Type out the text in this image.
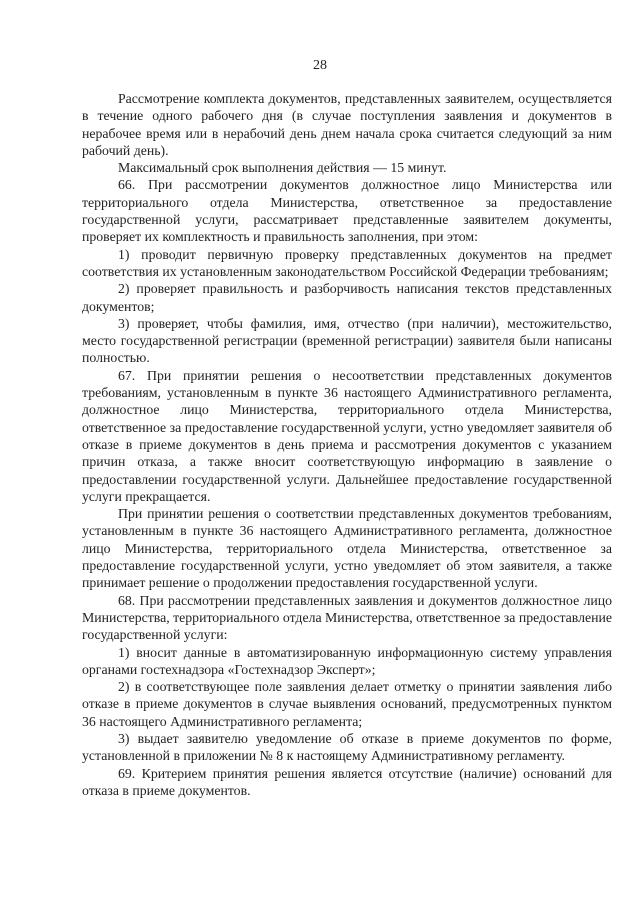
28

Рассмотрение комплекта документов, представленных заявителем, осуществляется в течение одного рабочего дня (в случае поступления заявления и документов в нерабочее время или в нерабочий день днем начала срока считается следующий за ним рабочий день).

Максимальный срок выполнения действия — 15 минут.

66. При рассмотрении документов должностное лицо Министерства или территориального отдела Министерства, ответственное за предоставление государственной услуги, рассматривает представленные заявителем документы, проверяет их комплектность и правильность заполнения, при этом:

1) проводит первичную проверку представленных документов на предмет соответствия их установленным законодательством Российской Федерации требованиям;

2) проверяет правильность и разборчивость написания текстов представленных документов;

3) проверяет, чтобы фамилия, имя, отчество (при наличии), местожительство, место государственной регистрации (временной регистрации) заявителя были написаны полностью.

67. При принятии решения о несоответствии представленных документов требованиям, установленным в пункте 36 настоящего Административного регламента, должностное лицо Министерства, территориального отдела Министерства, ответственное за предоставление государственной услуги, устно уведомляет заявителя об отказе в приеме документов в день приема и рассмотрения документов с указанием причин отказа, а также вносит соответствующую информацию в заявление о предоставлении государственной услуги. Дальнейшее предоставление государственной услуги прекращается.

При принятии решения о соответствии представленных документов требованиям, установленным в пункте 36 настоящего Административного регламента, должностное лицо Министерства, территориального отдела Министерства, ответственное за предоставление государственной услуги, устно уведомляет об этом заявителя, а также принимает решение о продолжении предоставления государственной услуги.

68. При рассмотрении представленных заявления и документов должностное лицо Министерства, территориального отдела Министерства, ответственное за предоставление государственной услуги:

1) вносит данные в автоматизированную информационную систему управления органами гостехнадзора «Гостехнадзор Эксперт»;

2) в соответствующее поле заявления делает отметку о принятии заявления либо отказе в приеме документов в случае выявления оснований, предусмотренных пунктом 36 настоящего Административного регламента;

3) выдает заявителю уведомление об отказе в приеме документов по форме, установленной в приложении № 8 к настоящему Административному регламенту.

69. Критерием принятия решения является отсутствие (наличие) оснований для отказа в приеме документов.
